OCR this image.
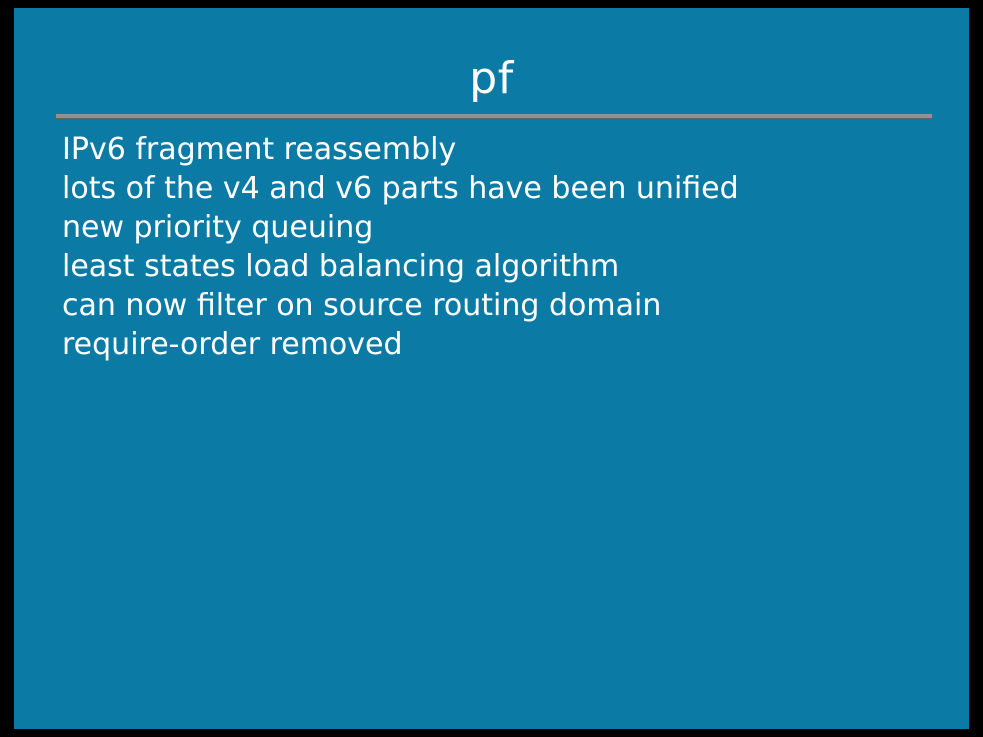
pf
IPv6 fragment reassembly
lots of the v4 and v6 parts have been unified
new priority queuing
least states load balancing algorithm
can now filter on source routing domain
require-order removed
